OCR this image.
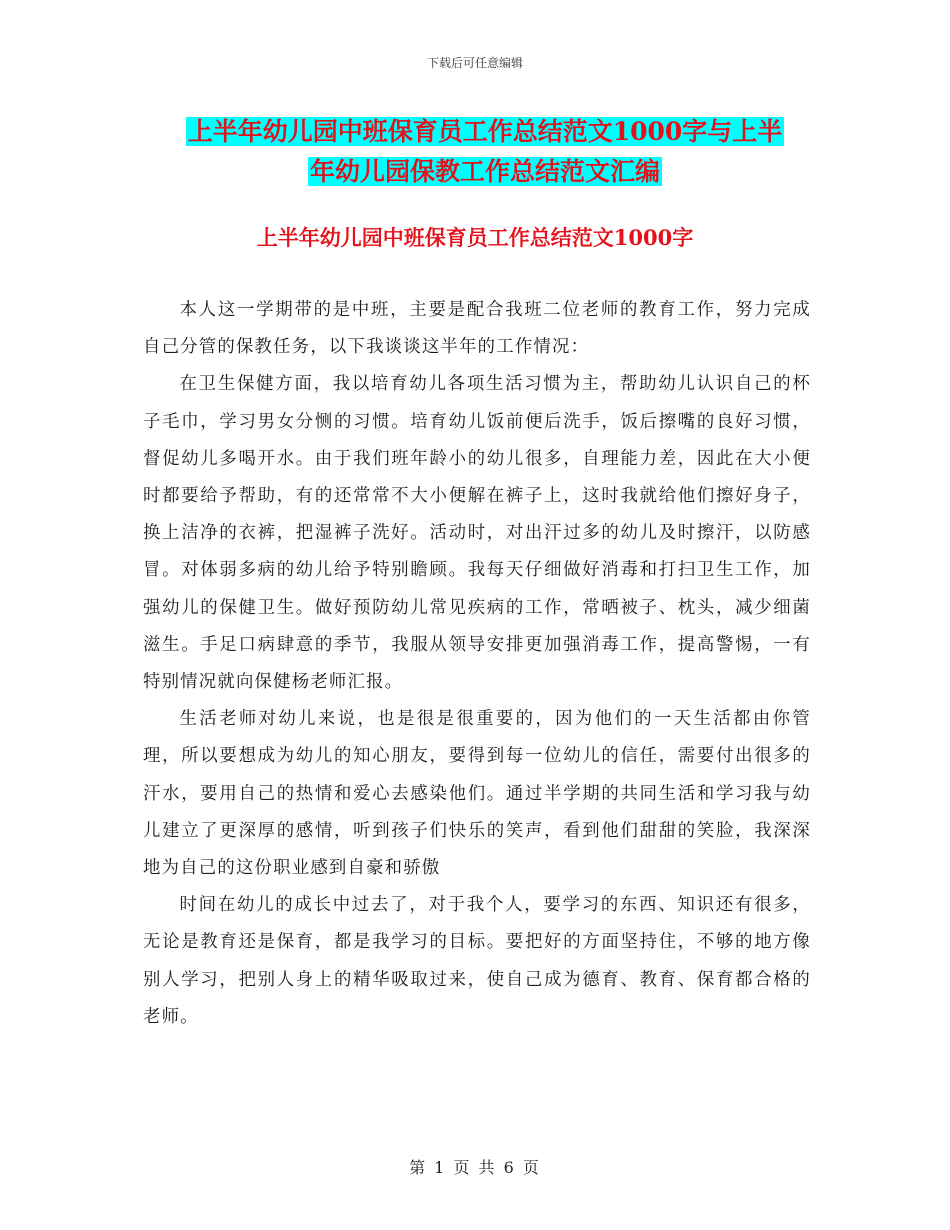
下载后可任意编辑
上半年幼儿园中班保育员工作总结范文1000字与上半
年幼儿园保教工作总结范文汇编
上半年幼儿园中班保育员工作总结范文1000字

本人这一学期带的是中班，主要是配合我班二位老师的教育工作，努力完成自己分管的保教任务，以下我谈谈这半年的工作情况：

在卫生保健方面，我以培育幼儿各项生活习惯为主，帮助幼儿认识自己的杯子毛巾，学习男女分恻的习惯。培育幼儿饭前便后洗手，饭后擦嘴的良好习惯，督促幼儿多喝开水。由于我们班年龄小的幼儿很多，自理能力差，因此在大小便时都要给予帮助，有的还常常不大小便解在裤子上，这时我就给他们擦好身子，换上洁净的衣裤，把湿裤子洗好。活动时，对出汗过多的幼儿及时擦汗，以防感冒。对体弱多病的幼儿给予特别瞻顾。我每天仔细做好消毒和打扫卫生工作，加强幼儿的保健卫生。做好预防幼儿常见疾病的工作，常晒被子、枕头，减少细菌滋生。手足口病肆意的季节，我服从领导安排更加强消毒工作，提高警惕，一有特别情况就向保健杨老师汇报。

生活老师对幼儿来说，也是很是很重要的，因为他们的一天生活都由你管理，所以要想成为幼儿的知心朋友，要得到每一位幼儿的信任，需要付出很多的汗水，要用自己的热情和爱心去感染他们。通过半学期的共同生活和学习我与幼儿建立了更深厚的感情，听到孩子们快乐的笑声，看到他们甜甜的笑脸，我深深地为自己的这份职业感到自豪和骄傲

时间在幼儿的成长中过去了，对于我个人，要学习的东西、知识还有很多，无论是教育还是保育，都是我学习的目标。要把好的方面坚持住，不够的地方像别人学习，把别人身上的精华吸取过来，使自己成为德育、教育、保育都合格的老师。

第 1 页 共 6 页
